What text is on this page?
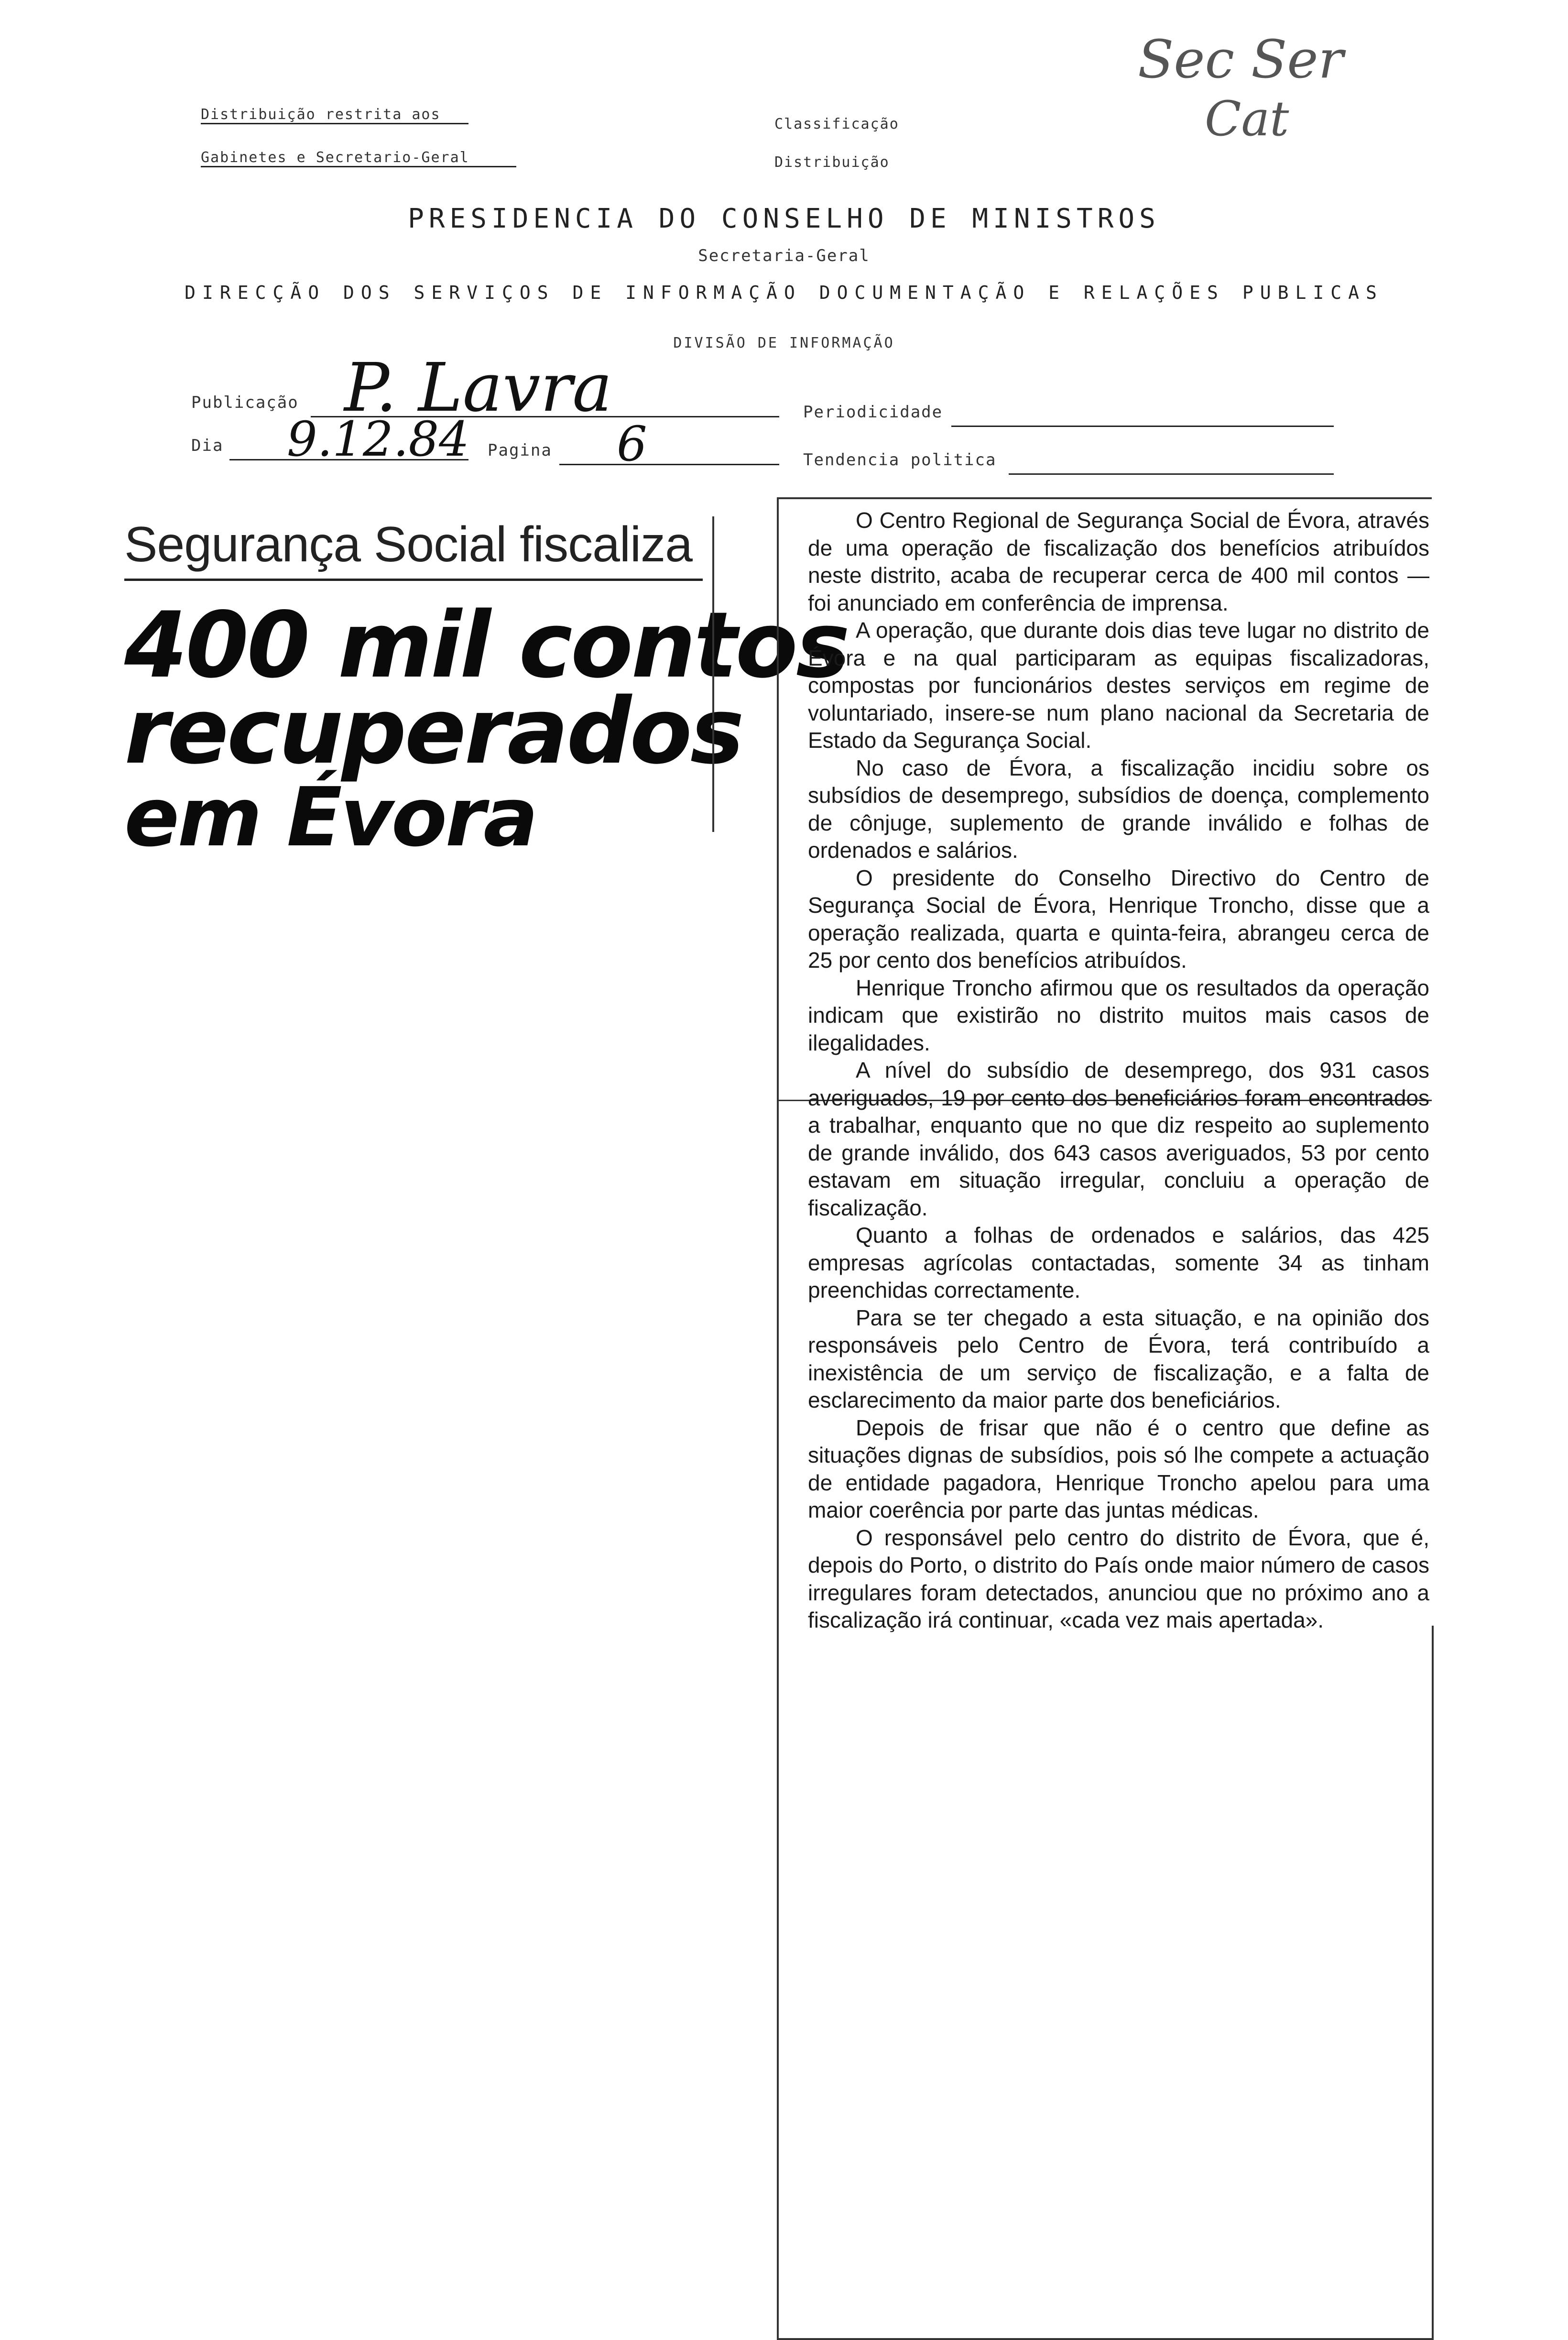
Distribuição restrita aos
Gabinetes e Secretario-Geral
Classificação
Distribuição
Sec Ser
Cat
PRESIDENCIA DO CONSELHO DE MINISTROS
Secretaria-Geral
DIRECÇÃO DOS SERVIÇOS DE INFORMAÇÃO DOCUMENTAÇÃO E RELAÇÕES PUBLICAS
DIVISÃO DE INFORMAÇÃO
Publicação P. Lavra	Periodicidade
Dia 9.12.84 Pagina 6	Tendencia politica
Segurança Social fiscaliza
400 mil contos
recuperados
em Évora

O Centro Regional de Segurança Social de Évora, através de uma operação de fiscalização dos benefícios atribuídos neste distrito, acaba de recuperar cerca de 400 mil contos — foi anunciado em conferência de imprensa.

A operação, que durante dois dias teve lugar no distrito de Évora e na qual participaram as equipas fiscalizadoras, compostas por funcionários destes serviços em regime de voluntariado, insere-se num plano nacional da Secretaria de Estado da Segurança Social.

No caso de Évora, a fiscalização incidiu sobre os subsídios de desemprego, subsídios de doença, complemento de cônjuge, suplemento de grande inválido e folhas de ordenados e salários.

O presidente do Conselho Directivo do Centro de Segurança Social de Évora, Henrique Troncho, disse que a operação realizada, quarta e quinta-feira, abrangeu cerca de 25 por cento dos benefícios atribuídos.

Henrique Troncho afirmou que os resultados da operação indicam que existirão no distrito muitos mais casos de ilegalidades.

A nível do subsídio de desemprego, dos 931 casos averiguados, 19 por cento dos beneficiários foram encontrados a trabalhar, enquanto que no que diz respeito ao suplemento de grande inválido, dos 643 casos averiguados, 53 por cento estavam em situação irregular, concluiu a operação de fiscalização.

Quanto a folhas de ordenados e salários, das 425 empresas agrícolas contactadas, somente 34 as tinham preenchidas correctamente.

Para se ter chegado a esta situação, e na opinião dos responsáveis pelo Centro de Évora, terá contribuído a inexistência de um serviço de fiscalização, e a falta de esclarecimento da maior parte dos beneficiários.

Depois de frisar que não é o centro que define as situações dignas de subsídios, pois só lhe compete a actuação de entidade pagadora, Henrique Troncho apelou para uma maior coerência por parte das juntas médicas.

O responsável pelo centro do distrito de Évora, que é, depois do Porto, o distrito do País onde maior número de casos irregulares foram detectados, anunciou que no próximo ano a fiscalização irá continuar, «cada vez mais apertada».
